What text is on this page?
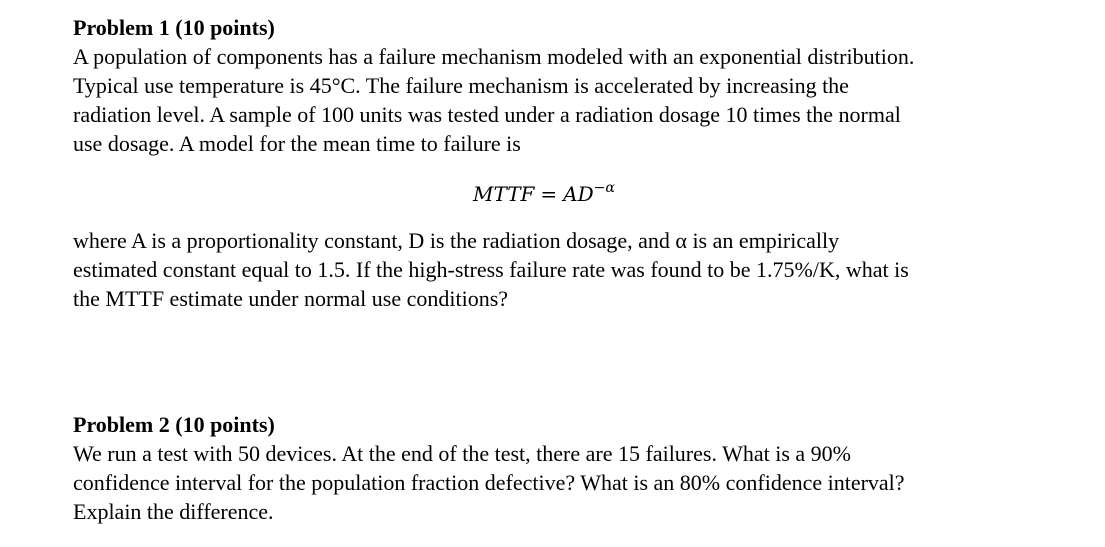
Problem 1 (10 points)

A population of components has a failure mechanism modeled with an exponential distribution.
Typical use temperature is 45°C. The failure mechanism is accelerated by increasing the
radiation level. A sample of 100 units was tested under a radiation dosage 10 times the normal
use dosage. A model for the mean time to failure is

MTTF = $AD^{-\alpha}$

where A is a proportionality constant, D is the radiation dosage, and α is an empirically
estimated constant equal to 1.5. If the high-stress failure rate was found to be 1.75%/K, what is
the MTTF estimate under normal use conditions?

Problem 2 (10 points)

We run a test with 50 devices. At the end of the test, there are 15 failures. What is a 90%
confidence interval for the population fraction defective? What is an 80% confidence interval?
Explain the difference.
